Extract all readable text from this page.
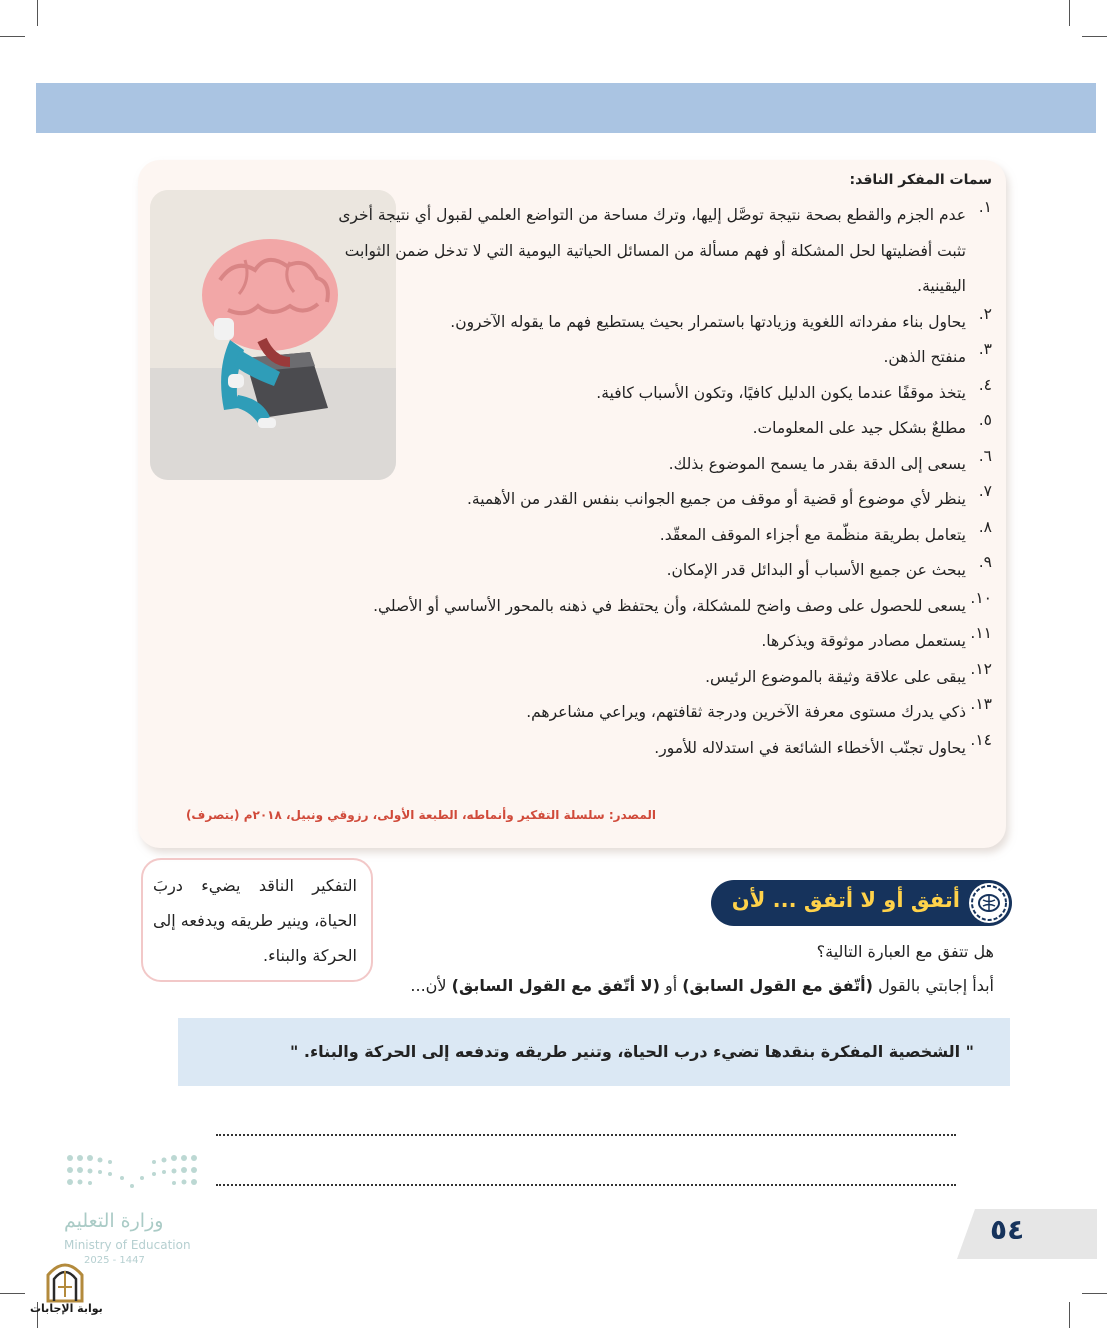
سمات المفكر الناقد:
١.
عدم الجزم والقطع بصحة نتيجة توصَّل إليها، وترك مساحة من التواضع العلمي لقبول أي نتيجة أخرى تثبت أفضليتها لحل المشكلة أو فهم مسألة من المسائل الحياتية اليومية التي لا تدخل ضمن الثوابت اليقينية.
٢.
يحاول بناء مفرداته اللغوية وزيادتها باستمرار بحيث يستطيع فهم ما يقوله الآخرون.
٣.
منفتح الذهن.
٤.
يتخذ موقفًا عندما يكون الدليل كافيًا، وتكون الأسباب كافية.
٥.
مطلعٌ بشكل جيد على المعلومات.
٦.
يسعى إلى الدقة بقدر ما يسمح الموضوع بذلك.
٧.
ينظر لأي موضوع أو قضية أو موقف من جميع الجوانب بنفس القدر من الأهمية.
٨.
يتعامل بطريقة منظّمة مع أجزاء الموقف المعقّد.
٩.
يبحث عن جميع الأسباب أو البدائل قدر الإمكان.
١٠.
يسعى للحصول على وصف واضح للمشكلة، وأن يحتفظ في ذهنه بالمحور الأساسي أو الأصلي.
١١.
يستعمل مصادر موثوقة ويذكرها.
١٢.
يبقى على علاقة وثيقة بالموضوع الرئيس.
١٣.
ذكي يدرك مستوى معرفة الآخرين ودرجة ثقافتهم، ويراعي مشاعرهم.
١٤.
يحاول تجنّب الأخطاء الشائعة في استدلاله للأمور.
المصدر: سلسلة التفكير وأنماطه، الطبعة الأولى، رزوقي ونبيل، ٢٠١٨م (بتصرف)
التفكير الناقد يضيء دربَ الحياة، وينير طريقه ويدفعه إلى الحركة والبناء.
أتفق أو لا أتفق ... لأن
هل تتفق مع العبارة التالية؟
أبدأ إجابتي بالقول (أتّفق مع القول السابق) أو (لا أتّفق مع القول السابق) لأن...
" الشخصية المفكرة بنقدها تضيء درب الحياة، وتنير طريقه وتدفعه إلى الحركة والبناء. "
وزارة التعليم
Ministry of Education
2025 - 1447
بوابة الإجابات
٥٤
